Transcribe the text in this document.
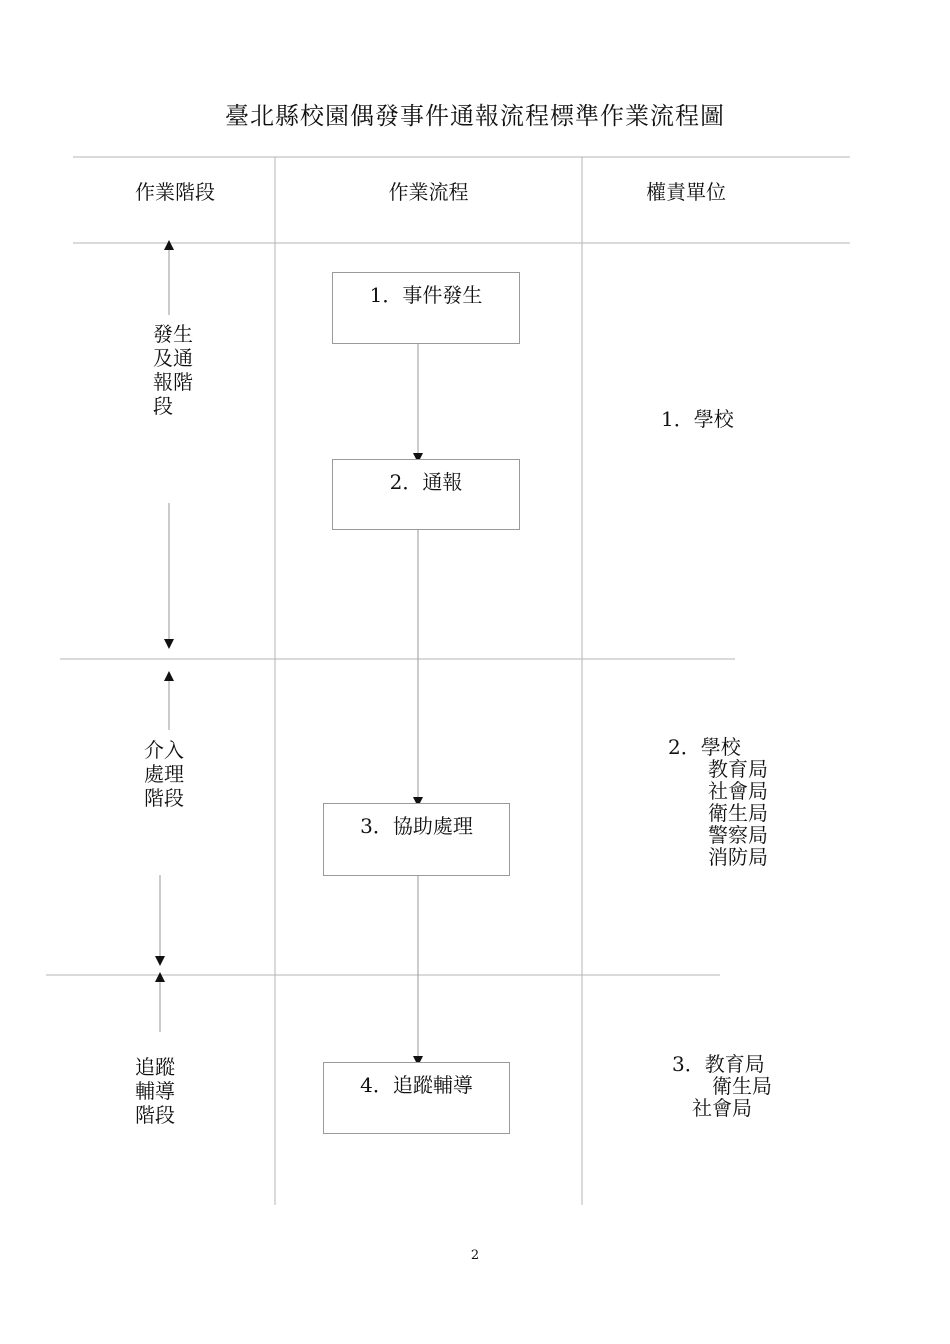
臺北縣校園偶發事件通報流程標準作業流程圖
作業階段	作業流程	權責單位
1．事件發生
2．通報
3．協助處理
4．追蹤輔導
發生
及通
報階
段
介入
處理
階段
追蹤
輔導
階段
1．學校
2．學校
　　教育局
　　社會局
　　衛生局
　　警察局
　　消防局
3．教育局
　　衛生局
　社會局
2
